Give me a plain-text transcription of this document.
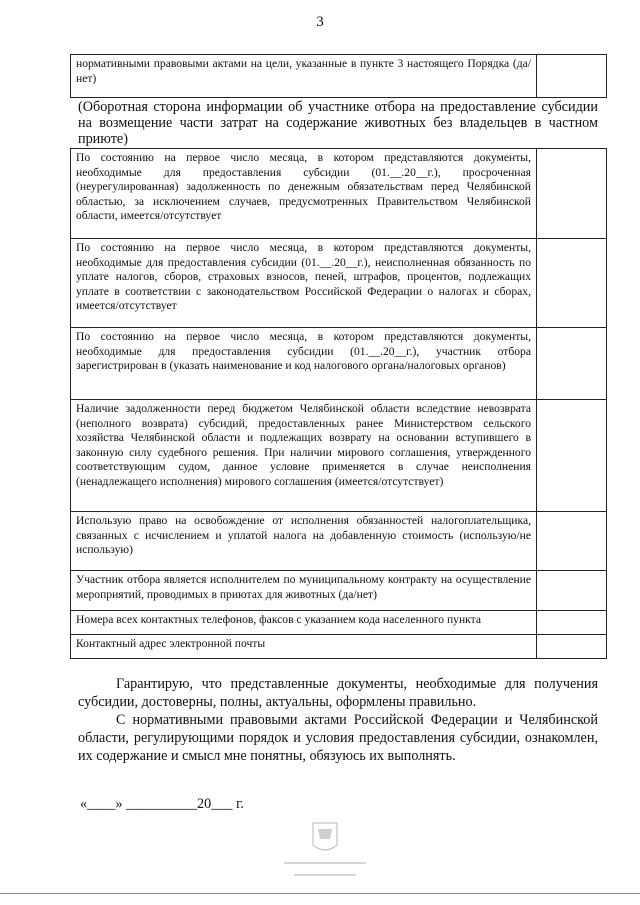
3
нормативными правовыми актами на цели, указанные в пункте 3 настоящего Порядка (да/нет)	
(Оборотная сторона информации об участнике отбора на предоставление субсидии на возмещение части затрат на содержание животных без владельцев в частном приюте)
По состоянию на первое число месяца, в котором представляются документы, необходимые для предоставления субсидии (01.__.20__г.), просроченная (неурегулированная) задолженность по денежным обязательствам перед Челябинской областью, за исключением случаев, предусмотренных Правительством Челябинской области, имеется/отсутствует	
По состоянию на первое число месяца, в котором представляются документы, необходимые для предоставления субсидии (01.__.20__г.), неисполненная обязанность по уплате налогов, сборов, страховых взносов, пеней, штрафов, процентов, подлежащих уплате в соответствии с законодательством Российской Федерации о налогах и сборах, имеется/отсутствует	
По состоянию на первое число месяца, в котором представляются документы, необходимые для предоставления субсидии (01.__.20__г.), участник отбора зарегистрирован в (указать наименование и код налогового органа/налоговых органов)	
Наличие задолженности перед бюджетом Челябинской области вследствие невозврата (неполного возврата) субсидий, предоставленных ранее Министерством сельского хозяйства Челябинской области и подлежащих возврату на основании вступившего в законную силу судебного решения. При наличии мирового соглашения, утвержденного соответствующим судом, данное условие применяется в случае неисполнения (ненадлежащего исполнения) мирового соглашения (имеется/отсутствует)	
Использую право на освобождение от исполнения обязанностей налогоплательщика, связанных с исчислением и уплатой налога на добавленную стоимость (использую/не использую)	
Участник отбора является исполнителем по муниципальному контракту на осуществление мероприятий, проводимых в приютах для животных (да/нет)	
Номера всех контактных телефонов, факсов с указанием кода населенного пункта	
Контактный адрес электронной почты	
Гарантирую, что представленные документы, необходимые для получения субсидии, достоверны, полны, актуальны, оформлены правильно.
С нормативными правовыми актами Российской Федерации и Челябинской области, регулирующими порядок и условия предоставления субсидии, ознакомлен, их содержание и смысл мне понятны, обязуюсь их выполнять.
«____» __________20___ г.
